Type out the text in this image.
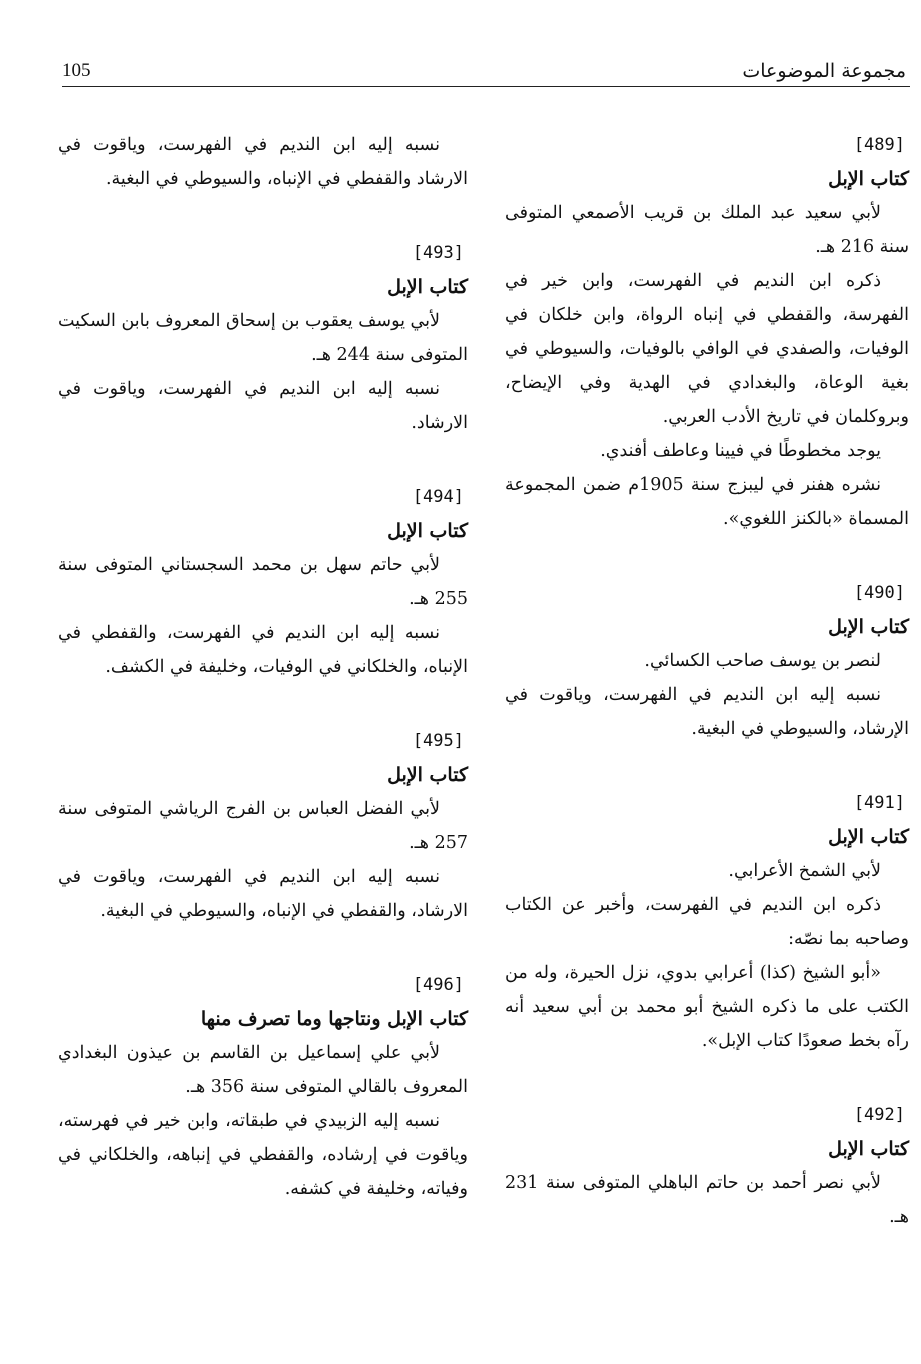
مجموعة الموضوعات
105
[489]
كتاب الإبل

لأبي سعيد عبد الملك بن قريب الأصمعي المتوفى سنة 216 هـ.

ذكره ابن النديم في الفهرست، وابن خير في الفهرسة، والقفطي في إنباه الرواة، وابن خلكان في الوفيات، والصفدي في الوافي بالوفيات، والسيوطي في بغية الوعاة، والبغدادي في الهدية وفي الإيضاح، وبروكلمان في تاريخ الأدب العربي.

يوجد مخطوطًا في فيينا وعاطف أفندي.

نشره هفنر في ليبزج سنة 1905م ضمن المجموعة المسماة «بالكنز اللغوي».

[490]
كتاب الإبل

لنصر بن يوسف صاحب الكسائي.

نسبه إليه ابن النديم في الفهرست، وياقوت في الإرشاد، والسيوطي في البغية.

[491]
كتاب الإبل

لأبي الشمخ الأعرابي.

ذكره ابن النديم في الفهرست، وأخبر عن الكتاب وصاحبه بما نصّه:

«أبو الشيخ (كذا) أعرابي بدوي، نزل الحيرة، وله من الكتب على ما ذكره الشيخ أبو محمد بن أبي سعيد أنه رآه بخط صعودًا كتاب الإبل».

[492]
كتاب الإبل

لأبي نصر أحمد بن حاتم الباهلي المتوفى سنة 231 هـ.

نسبه إليه ابن النديم في الفهرست، وياقوت في الارشاد والقفطي في الإنباه، والسيوطي في البغية.

[493]
كتاب الإبل

لأبي يوسف يعقوب بن إسحاق المعروف بابن السكيت المتوفى سنة 244 هـ.

نسبه إليه ابن النديم في الفهرست، وياقوت في الارشاد.

[494]
كتاب الإبل

لأبي حاتم سهل بن محمد السجستاني المتوفى سنة 255 هـ.

نسبه إليه ابن النديم في الفهرست، والقفطي في الإنباه، والخلكاني في الوفيات، وخليفة في الكشف.

[495]
كتاب الإبل

لأبي الفضل العباس بن الفرج الرياشي المتوفى سنة 257 هـ.

نسبه إليه ابن النديم في الفهرست، وياقوت في الارشاد، والقفطي في الإنباه، والسيوطي في البغية.

[496]
كتاب الإبل ونتاجها وما تصرف منها

لأبي علي إسماعيل بن القاسم بن عيذون البغدادي المعروف بالقالي المتوفى سنة 356 هـ.

نسبه إليه الزبيدي في طبقاته، وابن خير في فهرسته، وياقوت في إرشاده، والقفطي في إنباهه، والخلكاني في وفياته، وخليفة في كشفه.
